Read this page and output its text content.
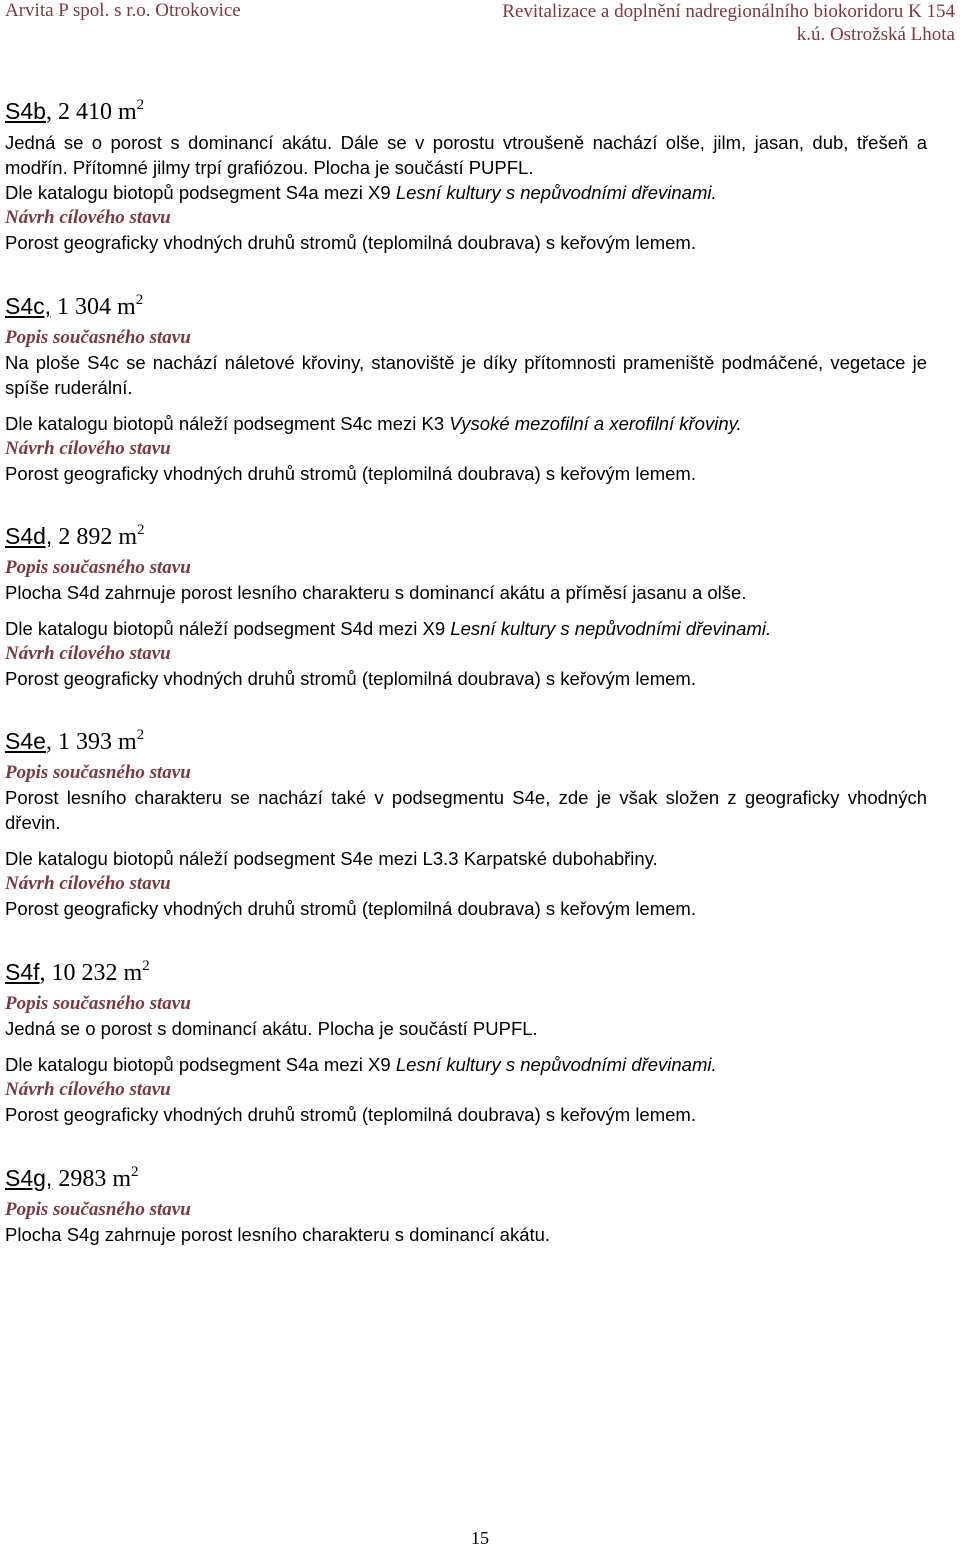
Arvita P spol. s r.o. Otrokovice	Revitalizace a doplnění nadregionálního biokoridoru K 154
k.ú. Ostrožská Lhota
S4b, 2 410 $m^2$

Jedná se o porost s dominancí akátu. Dále se v porostu vtroušeně nachází olše, jilm, jasan, dub, třešeň a modřín. Přítomné jilmy trpí grafiózou. Plocha je součástí PUPFL.

Dle katalogu biotopů podsegment S4a mezi X9 Lesní kultury s nepůvodními dřevinami.

Návrh cílového stavu

Porost geograficky vhodných druhů stromů (teplomilná doubrava) s keřovým lemem.

S4c, 1 304 $m^2$

Popis současného stavu

Na ploše S4c se nachází náletové křoviny, stanoviště je díky přítomnosti prameniště podmáčené, vegetace je spíše ruderální.

Dle katalogu biotopů náleží podsegment S4c mezi K3 Vysoké mezofilní a xerofilní křoviny.

Návrh cílového stavu

Porost geograficky vhodných druhů stromů (teplomilná doubrava) s keřovým lemem.

S4d, 2 892 $m^2$

Popis současného stavu

Plocha S4d zahrnuje porost lesního charakteru s dominancí akátu a příměsí jasanu a olše.

Dle katalogu biotopů náleží podsegment S4d mezi X9 Lesní kultury s nepůvodními dřevinami.

Návrh cílového stavu

Porost geograficky vhodných druhů stromů (teplomilná doubrava) s keřovým lemem.

S4e, 1 393 $m^2$

Popis současného stavu

Porost lesního charakteru se nachází také v podsegmentu S4e, zde je však složen z geograficky vhodných dřevin.

Dle katalogu biotopů náleží podsegment S4e mezi L3.3 Karpatské dubohabřiny.

Návrh cílového stavu

Porost geograficky vhodných druhů stromů (teplomilná doubrava) s keřovým lemem.

S4f, 10 232 $m^2$

Popis současného stavu

Jedná se o porost s dominancí akátu. Plocha je součástí PUPFL.

Dle katalogu biotopů podsegment S4a mezi X9 Lesní kultury s nepůvodními dřevinami.

Návrh cílového stavu

Porost geograficky vhodných druhů stromů (teplomilná doubrava) s keřovým lemem.

S4g, 2983 $m^2$

Popis současného stavu

Plocha S4g zahrnuje porost lesního charakteru s dominancí akátu.

15
